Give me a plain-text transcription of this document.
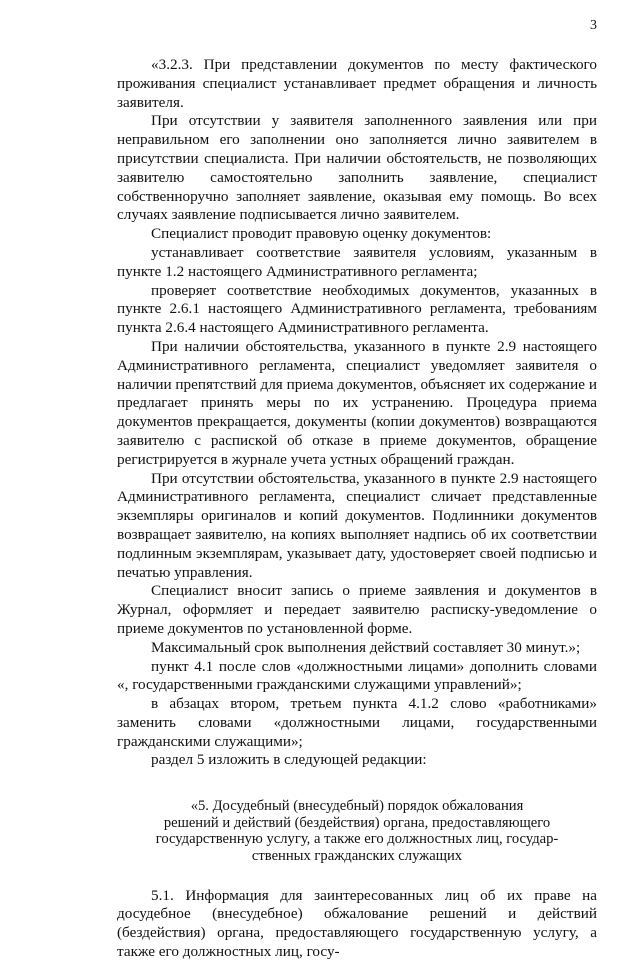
3

«3.2.3. При представлении документов по месту фактического проживания специалист устанавливает предмет обращения и личность заявителя.

При отсутствии у заявителя заполненного заявления или при неправильном его заполнении оно заполняется лично заявителем в присутствии специалиста. При наличии обстоятельств, не позволяющих заявителю самостоятельно заполнить заявление, специалист собственноручно заполняет заявление, оказывая ему помощь. Во всех случаях заявление подписывается лично заявителем.

Специалист проводит правовую оценку документов:

устанавливает соответствие заявителя условиям, указанным в пункте 1.2 настоящего Административного регламента;

проверяет соответствие необходимых документов, указанных в пункте 2.6.1 настоящего Административного регламента, требованиям пункта 2.6.4 настоящего Административного регламента.

При наличии обстоятельства, указанного в пункте 2.9 настоящего Административного регламента, специалист уведомляет заявителя о наличии препятствий для приема документов, объясняет их содержание и предлагает принять меры по их устранению. Процедура приема документов прекращается, документы (копии документов) возвращаются заявителю с распиской об отказе в приеме документов, обращение регистрируется в журнале учета устных обращений граждан.

При отсутствии обстоятельства, указанного в пункте 2.9 настоящего Административного регламента, специалист сличает представленные экземпляры оригиналов и копий документов. Подлинники документов возвращает заявителю, на копиях выполняет надпись об их соответствии подлинным экземплярам, указывает дату, удостоверяет своей подписью и печатью управления.

Специалист вносит запись о приеме заявления и документов в Журнал, оформляет и передает заявителю расписку-уведомление о приеме документов по установленной форме.

Максимальный срок выполнения действий составляет 30 минут.»;

пункт 4.1 после слов «должностными лицами» дополнить словами «, государственными гражданскими служащими управлений»;

в абзацах втором, третьем пункта 4.1.2 слово «работниками» заменить словами «должностными лицами, государственными гражданскими служащими»;

раздел 5 изложить в следующей редакции:

«5. Досудебный (внесудебный) порядок обжалования
решений и действий (бездействия) органа, предоставляющего
государственную услугу, а также его должностных лиц, государ-
ственных гражданских служащих

5.1. Информация для заинтересованных лиц об их праве на досудебное (внесудебное) обжалование решений и действий (бездействия) органа, предоставляющего государственную услугу, а также его должностных лиц, госу-
